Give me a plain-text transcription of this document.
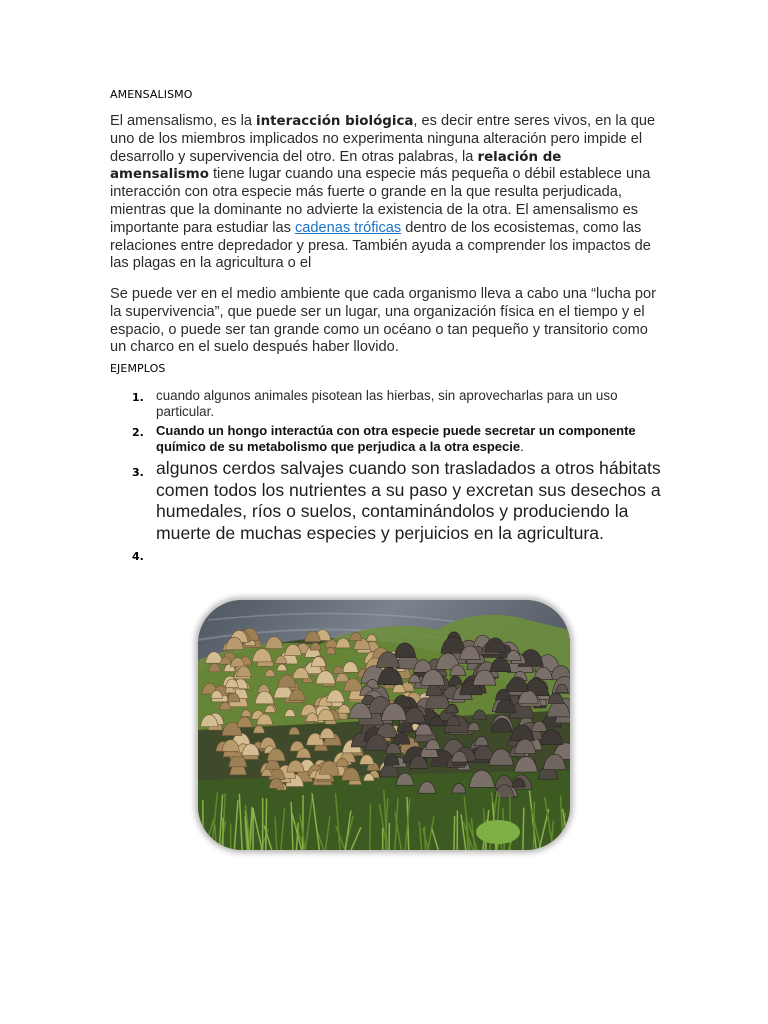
AMENSALISMO

El amensalismo, es la interacción biológica, es decir entre seres vivos, en la que uno de los miembros implicados no experimenta ninguna alteración pero impide el desarrollo y supervivencia del otro. En otras palabras, la relación de amensalismo tiene lugar cuando una especie más pequeña o débil establece una interacción con otra especie más fuerte o grande en la que resulta perjudicada, mientras que la dominante no advierte la existencia de la otra. El amensalismo es importante para estudiar las cadenas tróficas dentro de los ecosistemas, como las relaciones entre depredador y presa. También ayuda a comprender los impactos de las plagas en la agricultura o el

Se puede ver en el medio ambiente que cada organismo lleva a cabo una “lucha por la supervivencia”, que puede ser un lugar, una organización física en el tiempo y el espacio, o puede ser tan grande como un océano o tan pequeño y transitorio como un charco en el suelo después haber llovido.

EJEMPLOS
1. cuando algunos animales pisotean las hierbas, sin aprovecharlas para un uso particular.
2. Cuando un hongo interactúa con otra especie puede secretar un componente químico de su metabolismo que perjudica a la otra especie.
3. algunos cerdos salvajes cuando son trasladados a otros hábitats comen todos los nutrientes a su paso y excretan sus desechos a humedales, ríos o suelos, contaminándolos y produciendo la muerte de muchas especies y perjuicios en la agricultura.
4.
